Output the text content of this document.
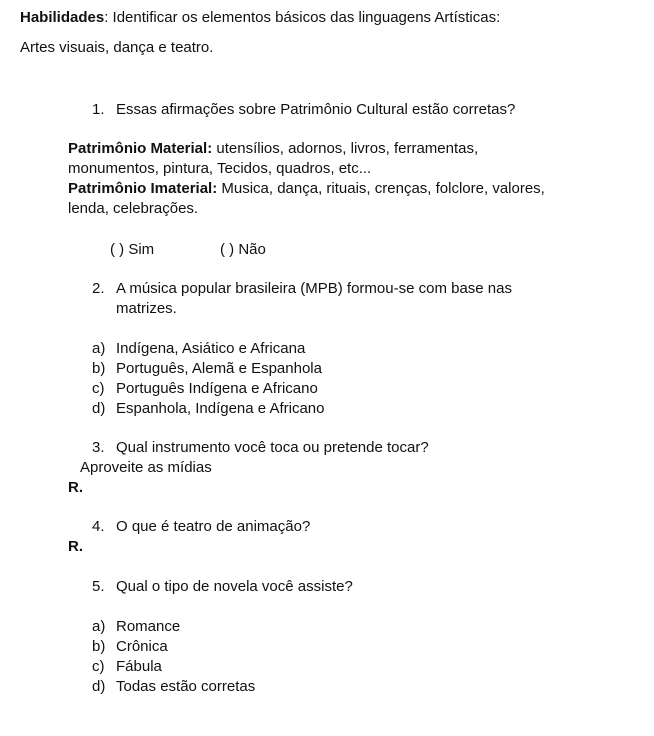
Habilidades: Identificar os elementos básicos das linguagens Artísticas:
Artes visuais, dança e teatro.
1. Essas afirmações sobre Patrimônio Cultural estão corretas?
Patrimônio Material: utensílios, adornos, livros, ferramentas,
monumentos, pintura, Tecidos, quadros, etc...
Patrimônio Imaterial: Musica, dança, rituais, crenças, folclore, valores,
lenda, celebrações.
( ) Sim	( ) Não
2. A música popular brasileira (MPB) formou-se com base nas
matrizes.
a) Indígena, Asiático e Africana
b) Português, Alemã e Espanhola
c) Português Indígena e Africano
d) Espanhola, Indígena e Africano
3. Qual instrumento você toca ou pretende tocar?
Aproveite as mídias
R.
4. O que é teatro de animação?
R.
5. Qual o tipo de novela você assiste?
a) Romance
b) Crônica
c) Fábula
d) Todas estão corretas
